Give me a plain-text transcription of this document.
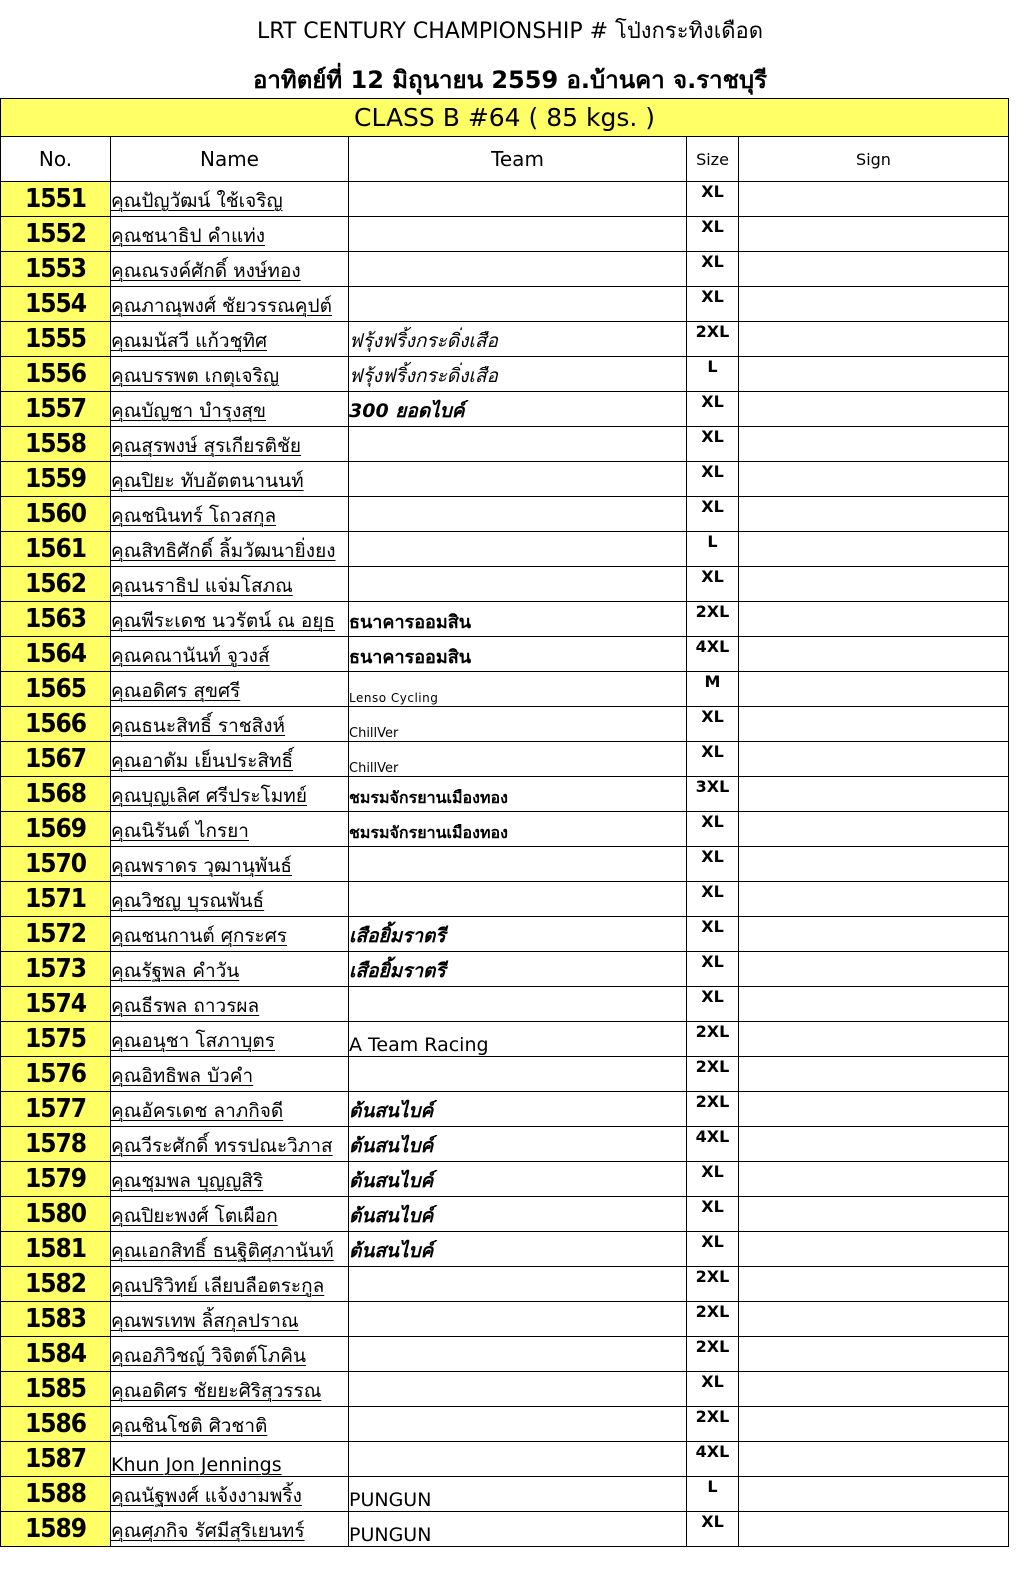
LRT CENTURY CHAMPIONSHIP # โป่งกระทิงเดือด
อาทิตย์ที่ 12 มิถุนายน 2559 อ.บ้านคา จ.ราชบุรี
CLASS B #64 ( 85 kgs. )				
No.	Name	Team	Size	Sign
1551	คุณปัญวัฒน์ ใช้เจริญ		XL	
1552	คุณชนาธิป คำแท่ง		XL	
1553	คุณณรงค์ศักดิ์ หงษ์ทอง		XL	
1554	คุณภาณุพงศ์ ชัยวรรณคุปต์		XL	
1555	คุณมนัสวี แก้วชุทิศ	ฟรุ้งฟริ้งกระดิ่งเสือ	2XL	
1556	คุณบรรพต เกตุเจริญ	ฟรุ้งฟริ้งกระดิ่งเสือ	L	
1557	คุณบัญชา บำรุงสุข	300 ยอดไบค์	XL	
1558	คุณสุรพงษ์ สุรเกียรติชัย		XL	
1559	คุณปิยะ ทับอัตตนานนท์		XL	
1560	คุณชนินทร์ โถวสกุล		XL	
1561	คุณสิทธิศักดิ์ ลิ้มวัฒนายิ่งยง		L	
1562	คุณนราธิป แจ่มโสภณ		XL	
1563	คุณพีระเดช นวรัตน์ ณ อยุธ	ธนาคารออมสิน	2XL	
1564	คุณคณานันท์ จูวงส์	ธนาคารออมสิน	4XL	
1565	คุณอดิศร สุขศรี	Lenso Cycling	M	
1566	คุณธนะสิทธิ์ ราชสิงห์	ChillVer	XL	
1567	คุณอาดัม เย็นประสิทธิ์	ChillVer	XL	
1568	คุณบุญเลิศ ศรีประโมทย์	ชมรมจักรยานเมืองทอง	3XL	
1569	คุณนิรันต์ ไกรยา	ชมรมจักรยานเมืองทอง	XL	
1570	คุณพราดร วุฒานุพันธ์		XL	
1571	คุณวิชญ บุรณพันธ์		XL	
1572	คุณชนกานต์ ศุกระศร	เสือยิ้มราตรี	XL	
1573	คุณรัฐพล คำวัน	เสือยิ้มราตรี	XL	
1574	คุณธีรพล ถาวรผล		XL	
1575	คุณอนุชา โสภาบุตร	A Team Racing	2XL	
1576	คุณอิทธิพล บัวคำ		2XL	
1577	คุณอัครเดช ลาภกิจดี	ต้นสนไบค์	2XL	
1578	คุณวีระศักดิ์ ทรรปณะวิภาส	ต้นสนไบค์	4XL	
1579	คุณชุมพล บุญญสิริ	ต้นสนไบค์	XL	
1580	คุณปิยะพงศ์ โตเผือก	ต้นสนไบค์	XL	
1581	คุณเอกสิทธิ์ ธนฐิติศุภานันท์	ต้นสนไบค์	XL	
1582	คุณปริวิทย์ เลียบลือตระกูล		2XL	
1583	คุณพรเทพ ลิ้สกุลปราณ		2XL	
1584	คุณอภิวิชญ์ วิจิตต์โภคิน		2XL	
1585	คุณอดิศร ชัยยะศิริสุวรรณ		XL	
1586	คุณชินโชติ ศิวชาติ		2XL	
1587	Khun Jon Jennings		4XL	
1588	คุณนัฐพงศ์ แจ้งงามพริ้ง	PUNGUN	L	
1589	คุณศุภกิจ รัศมีสุริเยนทร์	PUNGUN	XL	
